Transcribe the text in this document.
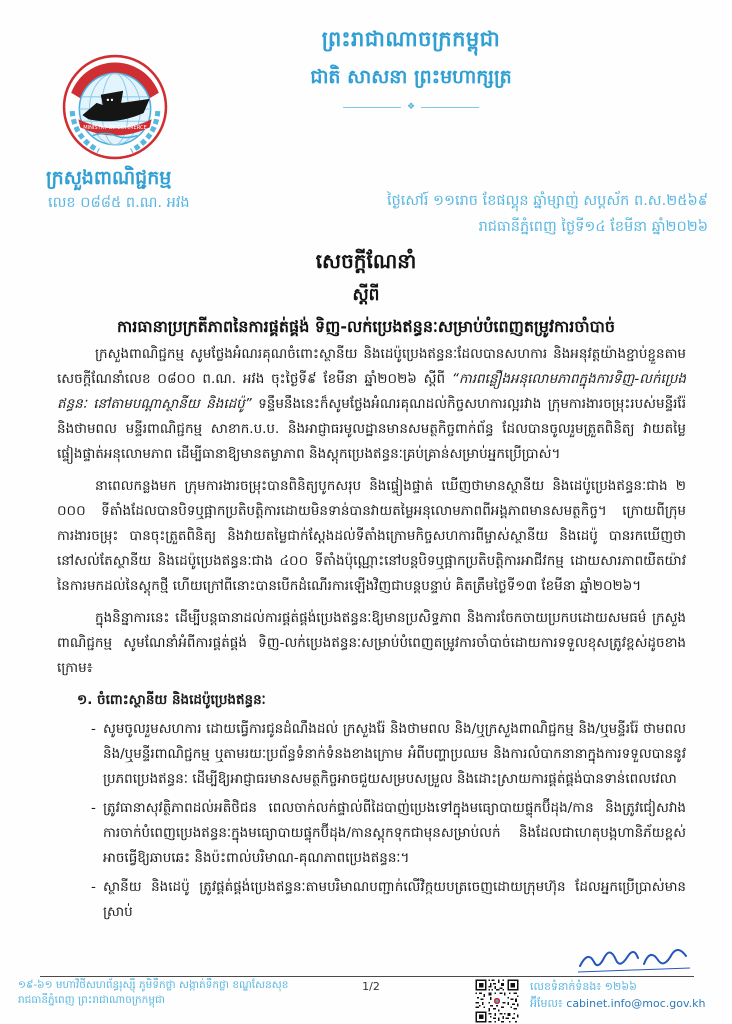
MINISTRY OF COMMERCE
ព្រះរាជាណាចក្រកម្ពុជា
ជាតិ សាសនា ព្រះមហាក្សត្រ
❖
ក្រសួងពាណិជ្ជកម្ម
លេខ ០៨៨៥ ព.ណ. អវង	ថ្ងៃសៅរ៍ ១១រោច ខែផល្គុន ឆ្នាំម្សាញ់ សប្តស័ក ព.ស.២៥៦៩
រាជធានីភ្នំពេញ ថ្ងៃទី១៤ ខែមីនា ឆ្នាំ២០២៦
សេចក្តីណែនាំ
ស្តីពី
ការធានាប្រក្រតីភាពនៃការផ្គត់ផ្គង់ ទិញ-លក់ប្រេងឥន្ធនៈសម្រាប់បំពេញតម្រូវការចាំបាច់

ក្រសួងពាណិជ្ជកម្ម សូមថ្លែងអំណរគុណចំពោះស្ថានីយ និងដេប៉ូប្រេងឥន្ធនៈដែលបានសហការ និងអនុវត្តយ៉ាងខ្ជាប់ខ្ជួនតាមសេចក្តីណែនាំលេខ ០៨០០ ព.ណ. អវង ចុះថ្ងៃទី៩ ខែមីនា ឆ្នាំ២០២៦ ស្តីពី “ការពន្លឿងអនុលោមភាពក្នុងការទិញ-លក់ប្រេងឥន្ធនៈ នៅតាមបណ្តាស្ថានីយ និងដេប៉ូ” ទន្ទឹមនឹងនេះក៏សូមថ្លែងអំណរគុណដល់កិច្ចសហការល្អរវាង ក្រុមការងារចម្រុះរបស់មន្ទីររ៉ែ និងថាមពល មន្ទីរពាណិជ្ជកម្ម សាខាក.ប.ប. និងអាជ្ញាធរមូលដ្ឋានមានសមត្ថកិច្ចពាក់ព័ន្ធ ដែលបានចូលរួមត្រួតពិនិត្យ វាយតម្លៃផ្ទៀងផ្ទាត់អនុលោមភាព ដើម្បីធានាឱ្យមានតម្លាភាព និងស្តុកប្រេងឥន្ធនៈគ្រប់គ្រាន់សម្រាប់អ្នកប្រើប្រាស់។

នាពេលកន្លងមក ក្រុមការងារចម្រុះបានពិនិត្យបូកសរុប និងផ្ទៀងផ្ទាត់ ឃើញថាមានស្ថានីយ និងដេប៉ូប្រេងឥន្ធនៈជាង ២ ០០០ ទីតាំងដែលបានបិទឬផ្អាកប្រតិបត្តិការដោយមិនទាន់បានវាយតម្លៃអនុលោមភាពពីអង្គភាពមានសមត្ថកិច្ច។ ក្រោយពីក្រុមការងារចម្រុះ បានចុះត្រួតពិនិត្យ និងវាយតម្លៃជាក់ស្តែងដល់ទីតាំងក្រោមកិច្ចសហការពីម្ចាស់ស្ថានីយ និងដេប៉ូ បានរកឃើញថា នៅសល់តែស្ថានីយ និងដេប៉ូប្រេងឥន្ធនៈជាង ៤០០ ទីតាំងប៉ុណ្ណោះនៅបន្តបិទឬផ្អាកប្រតិបត្តិការអាជីវកម្ម ដោយសារភាពយឺតយ៉ាវនៃការមកដល់នៃស្តុកថ្មី ហើយក្រៅពីនោះបានបើកដំណើរការឡើងវិញជាបន្តបន្ទាប់ គិតត្រឹមថ្ងៃទី១៣ ខែមីនា ឆ្នាំ២០២៦។

ក្នុងនិន្នាការនេះ ដើម្បីបន្តធានាដល់ការផ្គត់ផ្គង់ប្រេងឥន្ធនៈឱ្យមានប្រសិទ្ធភាព និងការចែកចាយប្រកបដោយសមធម៌ ក្រសួងពាណិជ្ជកម្ម សូមណែនាំអំពីការផ្គត់ផ្គង់ ទិញ-លក់ប្រេងឥន្ធនៈសម្រាប់បំពេញតម្រូវការចាំបាច់ដោយការទទួលខុសត្រូវខ្ពស់ដូចខាងក្រោម៖

១. ចំពោះស្ថានីយ និងដេប៉ូប្រេងឥន្ធនៈ
- សូមចូលរួមសហការ ដោយធ្វើការជូនដំណឹងដល់ ក្រសួងរ៉ែ និងថាមពល និង/ឬក្រសួងពាណិជ្ជកម្ម និង/ឬមន្ទីររ៉ែ ថាមពល និង/ឬមន្ទីរពាណិជ្ជកម្ម ឬតាមរយៈប្រព័ន្ធទំនាក់ទំនងខាងក្រោម អំពីបញ្ហាប្រឈម និងការលំបាកនានាក្នុងការទទួលបាននូវប្រភពប្រេងឥន្ធនៈ ដើម្បីឱ្យអាជ្ញាធរមានសមត្ថកិច្ចអាចជួយសម្របសម្រួល និងដោះស្រាយការផ្គត់ផ្គង់បានទាន់ពេលវេលា
- ត្រូវធានាសុវត្ថិភាពដល់អតិថិជន ពេលចាក់លក់ផ្ទាល់ពីដៃបាញ់ប្រេងទៅក្នុងមធ្យោបាយផ្ទុកប៊ីដុង/កាន និងត្រូវជៀសវាងការចាក់បំពេញប្រេងឥន្ធនៈក្នុងមធ្យោបាយផ្ទុកប៊ីដុង/កានស្តុកទុកជាមុនសម្រាប់លក់ និងដែលជាហេតុបង្កហានិភ័យខ្ពស់អាចធ្វើឱ្យឆាបឆេះ និងប៉ះពាល់បរិមាណ-គុណភាពប្រេងឥន្ធនៈ។
- ស្ថានីយ និងដេប៉ូ ត្រូវផ្គត់ផ្គង់ប្រេងឥន្ធនៈតាមបរិមាណបញ្ជាក់លើវិក្កយបត្រចេញដោយក្រុមហ៊ុន ដែលអ្នកប្រើប្រាស់មានស្រាប់
១៩-៦១ មហាវិថីសហព័ន្ធរុស្ស៊ី ភូមិទឹកថ្លា សង្កាត់ទឹកថ្លា ខណ្ឌសែនសុខ
រាជធានីភ្នំពេញ ព្រះរាជាណាចក្រកម្ពុជា
1/2	លេខទំនាក់ទំនង៖ ១២៦៦
អ៊ីមែល៖ cabinet.info@moc.gov.kh
